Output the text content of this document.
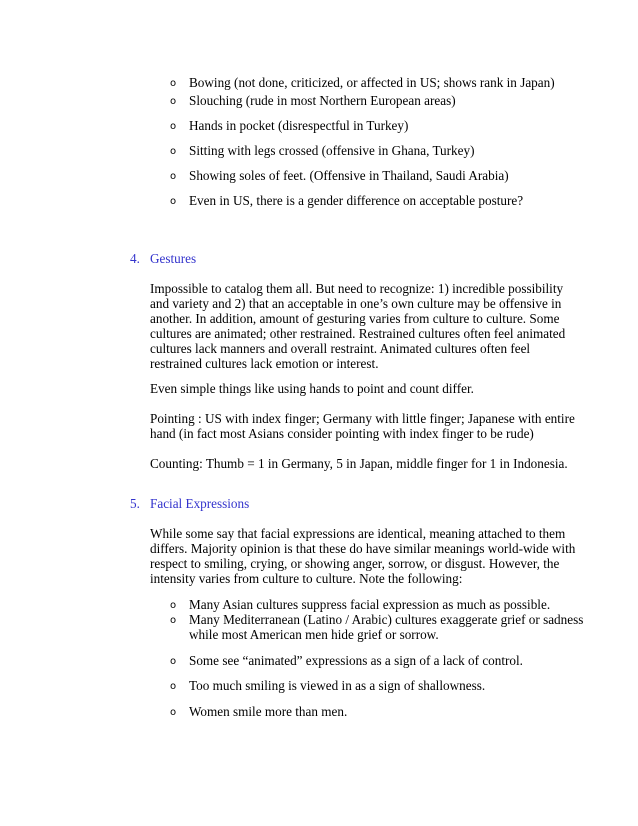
o Bowing (not done, criticized, or affected in US; shows rank in Japan)
o Slouching (rude in most Northern European areas)
o Hands in pocket (disrespectful in Turkey)
o Sitting with legs crossed (offensive in Ghana, Turkey)
o Showing soles of feet. (Offensive in Thailand, Saudi Arabia)
o Even in US, there is a gender difference on acceptable posture?
4. Gestures
Impossible to catalog them all. But need to recognize: 1) incredible possibility
and variety and 2) that an acceptable in one’s own culture may be offensive in
another. In addition, amount of gesturing varies from culture to culture. Some
cultures are animated; other restrained. Restrained cultures often feel animated
cultures lack manners and overall restraint. Animated cultures often feel
restrained cultures lack emotion or interest.
Even simple things like using hands to point and count differ.
Pointing : US with index finger; Germany with little finger; Japanese with entire
hand (in fact most Asians consider pointing with index finger to be rude)
Counting: Thumb = 1 in Germany, 5 in Japan, middle finger for 1 in Indonesia.
5. Facial Expressions
While some say that facial expressions are identical, meaning attached to them
differs. Majority opinion is that these do have similar meanings world-wide with
respect to smiling, crying, or showing anger, sorrow, or disgust. However, the
intensity varies from culture to culture. Note the following:
o Many Asian cultures suppress facial expression as much as possible.
o Many Mediterranean (Latino / Arabic) cultures exaggerate grief or sadness
while most American men hide grief or sorrow.
o Some see “animated” expressions as a sign of a lack of control.
o Too much smiling is viewed in as a sign of shallowness.
o Women smile more than men.
